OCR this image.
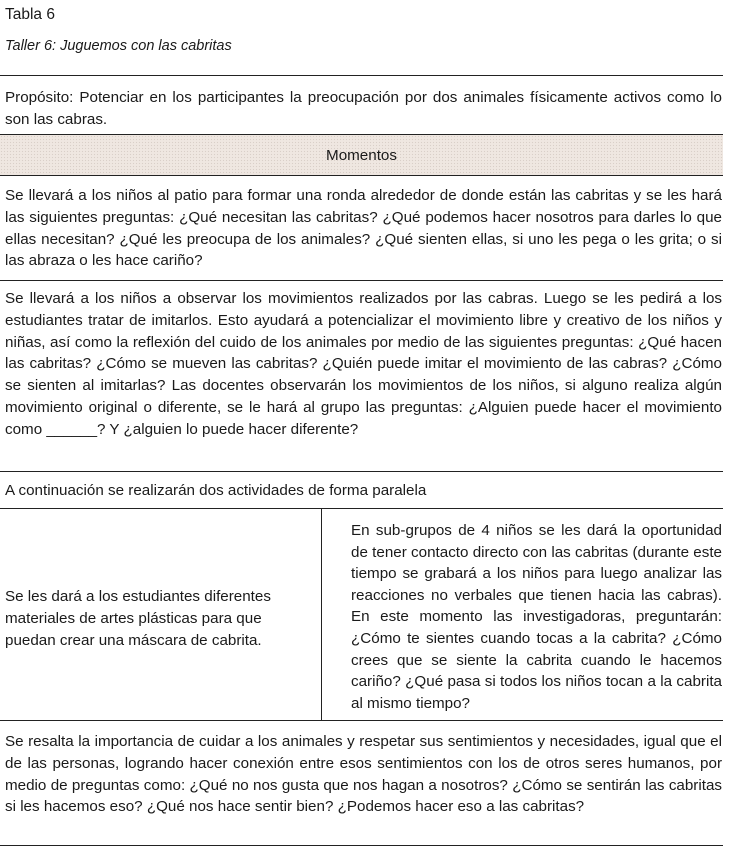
Tabla 6
Taller 6: Juguemos con las cabritas

Propósito: Potenciar en los participantes la preocupación por dos animales físicamente activos como lo son las cabras.

Momentos

Se llevará a los niños al patio para formar una ronda alrededor de donde están las cabritas y se les hará las siguientes preguntas: ¿Qué necesitan las cabritas? ¿Qué podemos hacer nosotros para darles lo que ellas necesitan? ¿Qué les preocupa de los animales? ¿Qué sienten ellas, si uno les pega o les grita; o si las abraza o les hace cariño?

Se llevará a los niños a observar los movimientos realizados por las cabras. Luego se les pedirá a los estudiantes tratar de imitarlos. Esto ayudará a potencializar el movimiento libre y creativo de los niños y niñas, así como la reflexión del cuido de los animales por medio de las siguientes preguntas: ¿Qué hacen las cabritas? ¿Cómo se mueven las cabritas? ¿Quién puede imitar el movimiento de las cabras? ¿Cómo se sienten al imitarlas? Las docentes observarán los movimientos de los niños, si alguno realiza algún movimiento original o diferente, se le hará al grupo las preguntas: ¿Alguien puede hacer el movimiento como ______? Y ¿alguien lo puede hacer diferente?

A continuación se realizarán dos actividades de forma paralela

Se les dará a los estudiantes diferentes materiales de artes plásticas para que puedan crear una máscara de cabrita.

En sub-grupos de 4 niños se les dará la oportunidad de tener contacto directo con las cabritas (durante este tiempo se grabará a los niños para luego analizar las reacciones no verbales que tienen hacia las cabras). En este momento las investigadoras, preguntarán: ¿Cómo te sientes cuando tocas a la cabrita? ¿Cómo crees que se siente la cabrita cuando le hacemos cariño? ¿Qué pasa si todos los niños tocan a la cabrita al mismo tiempo?

Se resalta la importancia de cuidar a los animales y respetar sus sentimientos y necesidades, igual que el de las personas, logrando hacer conexión entre esos sentimientos con los de otros seres humanos, por medio de preguntas como: ¿Qué no nos gusta que nos hagan a nosotros? ¿Cómo se sentirán las cabritas si les hacemos eso? ¿Qué nos hace sentir bien? ¿Podemos hacer eso a las cabritas?
